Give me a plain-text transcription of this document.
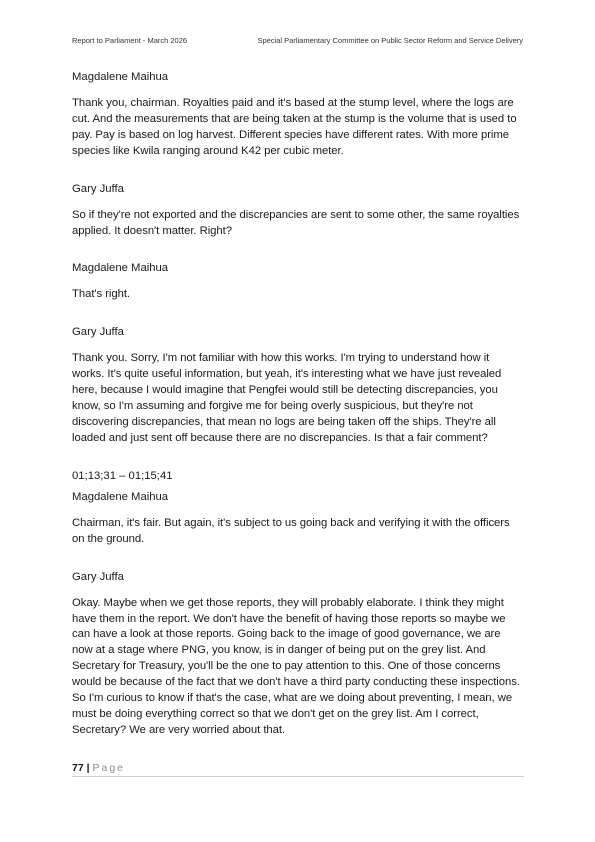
Report to Parliament - March 2026	Special Parliamentary Committee on Public Sector Reform and Service Delivery

Magdalene Maihua

Thank you, chairman. Royalties paid and it's based at the stump level, where the logs are cut. And the measurements that are being taken at the stump is the volume that is used to pay. Pay is based on log harvest. Different species have different rates. With more prime species like Kwila ranging around K42 per cubic meter.

Gary Juffa

So if they're not exported and the discrepancies are sent to some other, the same royalties applied. It doesn't matter. Right?

Magdalene Maihua

That's right.

Gary Juffa

Thank you. Sorry, I'm not familiar with how this works. I'm trying to understand how it works. It's quite useful information, but yeah, it's interesting what we have just revealed here, because I would imagine that Pengfei would still be detecting discrepancies, you know, so I'm assuming and forgive me for being overly suspicious, but they're not discovering discrepancies, that mean no logs are being taken off the ships. They're all loaded and just sent off because there are no discrepancies. Is that a fair comment?

01;13;31 – 01;15;41

Magdalene Maihua

Chairman, it's fair. But again, it's subject to us going back and verifying it with the officers on the ground.

Gary Juffa

Okay. Maybe when we get those reports, they will probably elaborate. I think they might have them in the report. We don't have the benefit of having those reports so maybe we can have a look at those reports. Going back to the image of good governance, we are now at a stage where PNG, you know, is in danger of being put on the grey list. And Secretary for Treasury, you'll be the one to pay attention to this. One of those concerns would be because of the fact that we don't have a third party conducting these inspections. So I'm curious to know if that's the case, what are we doing about preventing, I mean, we must be doing everything correct so that we don't get on the grey list. Am I correct, Secretary? We are very worried about that.

77 | Page
